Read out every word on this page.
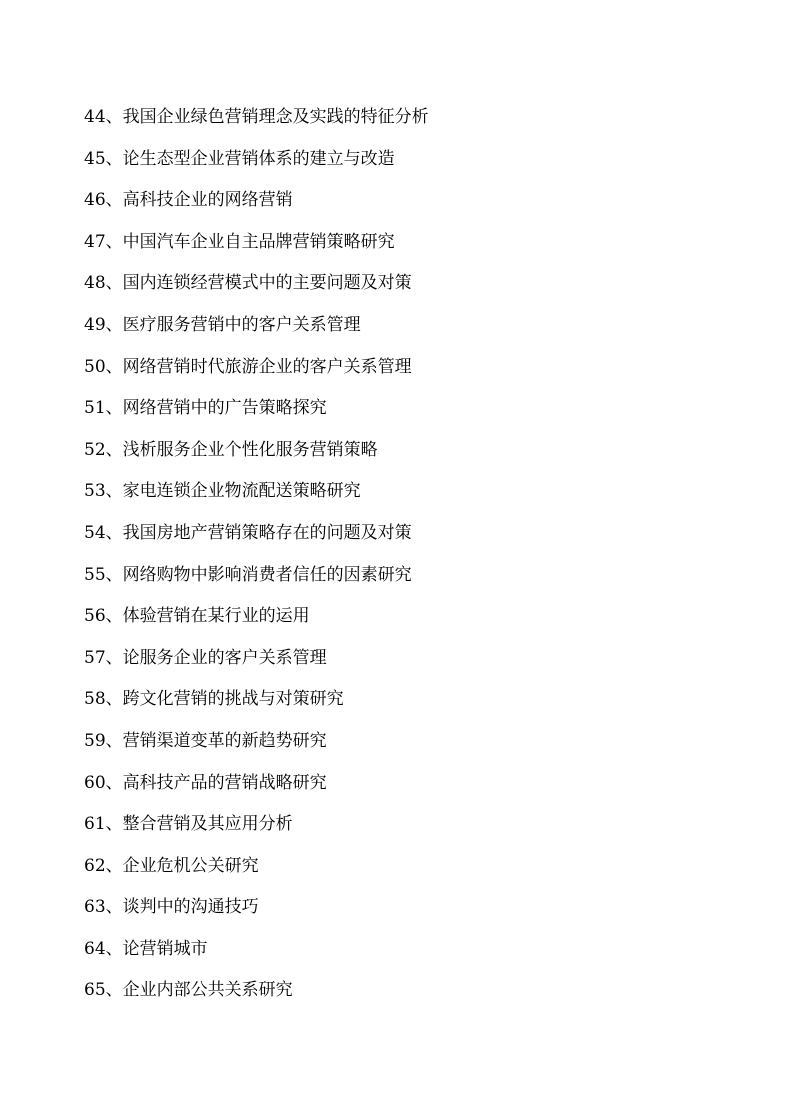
44、我国企业绿色营销理念及实践的特征分析
45、论生态型企业营销体系的建立与改造
46、高科技企业的网络营销
47、中国汽车企业自主品牌营销策略研究
48、国内连锁经营模式中的主要问题及对策
49、医疗服务营销中的客户关系管理
50、网络营销时代旅游企业的客户关系管理
51、网络营销中的广告策略探究
52、浅析服务企业个性化服务营销策略
53、家电连锁企业物流配送策略研究
54、我国房地产营销策略存在的问题及对策
55、网络购物中影响消费者信任的因素研究
56、体验营销在某行业的运用
57、论服务企业的客户关系管理
58、跨文化营销的挑战与对策研究
59、营销渠道变革的新趋势研究
60、高科技产品的营销战略研究
61、整合营销及其应用分析
62、企业危机公关研究
63、谈判中的沟通技巧
64、论营销城市
65、企业内部公共关系研究
